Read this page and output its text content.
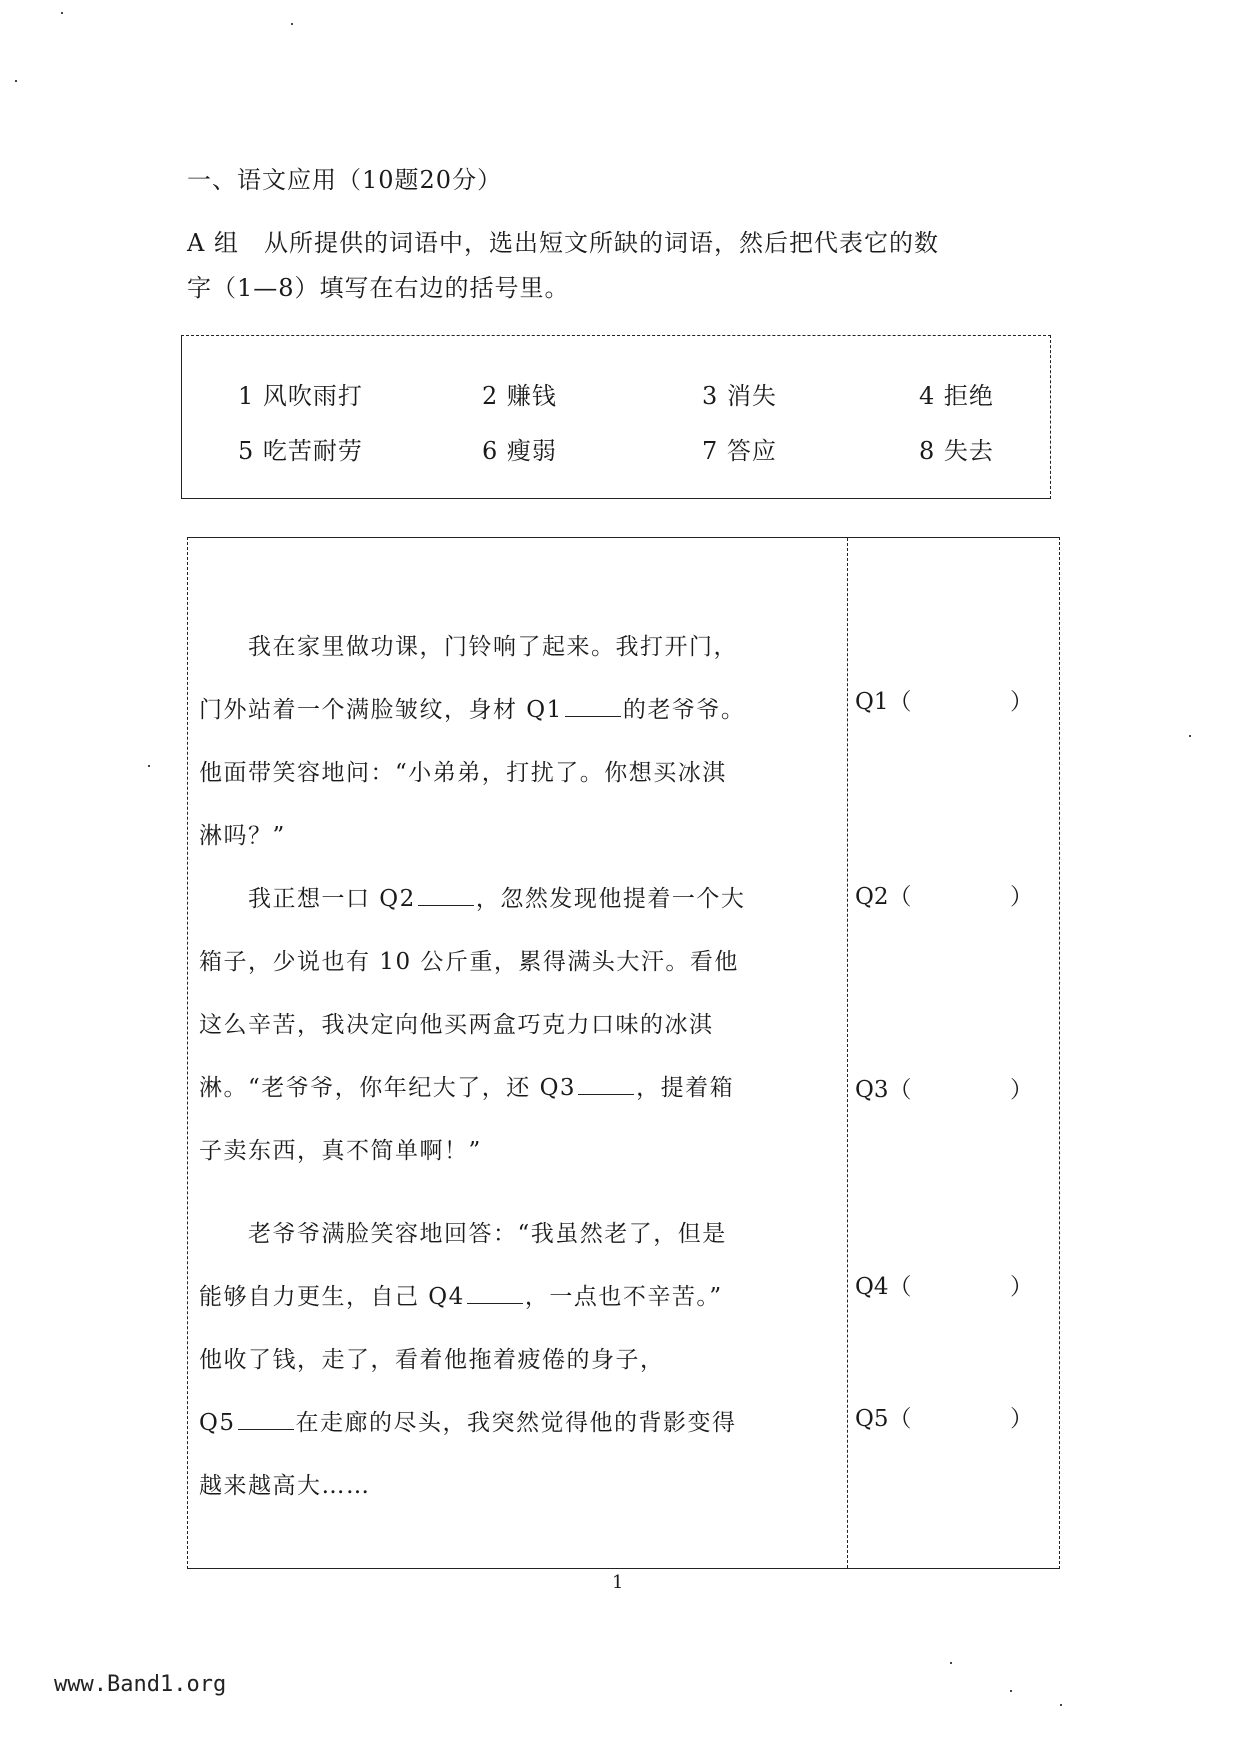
一、语文应用（10题20分）
A 组　从所提供的词语中，选出短文所缺的词语，然后把代表它的数
字（1—8）填写在右边的括号里。
1 风吹雨打	2 赚钱	3 消失	4 拒绝
5 吃苦耐劳	6 瘦弱	7 答应	8 失去
我在家里做功课，门铃响了起来。我打开门，
门外站着一个满脸皱纹，身材 Q1	的老爷爷。
他面带笑容地问：“小弟弟，打扰了。你想买冰淇
淋吗？”
我正想一口 Q2	，忽然发现他提着一个大
箱子，少说也有 10 公斤重，累得满头大汗。看他
这么辛苦，我决定向他买两盒巧克力口味的冰淇
淋。“老爷爷，你年纪大了，还 Q3	，提着箱
子卖东西，真不简单啊！”
老爷爷满脸笑容地回答：“我虽然老了，但是
能够自力更生，自己 Q4	，一点也不辛苦。”
他收了钱，走了，看着他拖着疲倦的身子，
Q5	在走廊的尽头，我突然觉得他的背影变得
越来越高大……
Q1（	）
Q2（	）
Q3（	）
Q4（	）
Q5（	）
1
www.Band1.org
